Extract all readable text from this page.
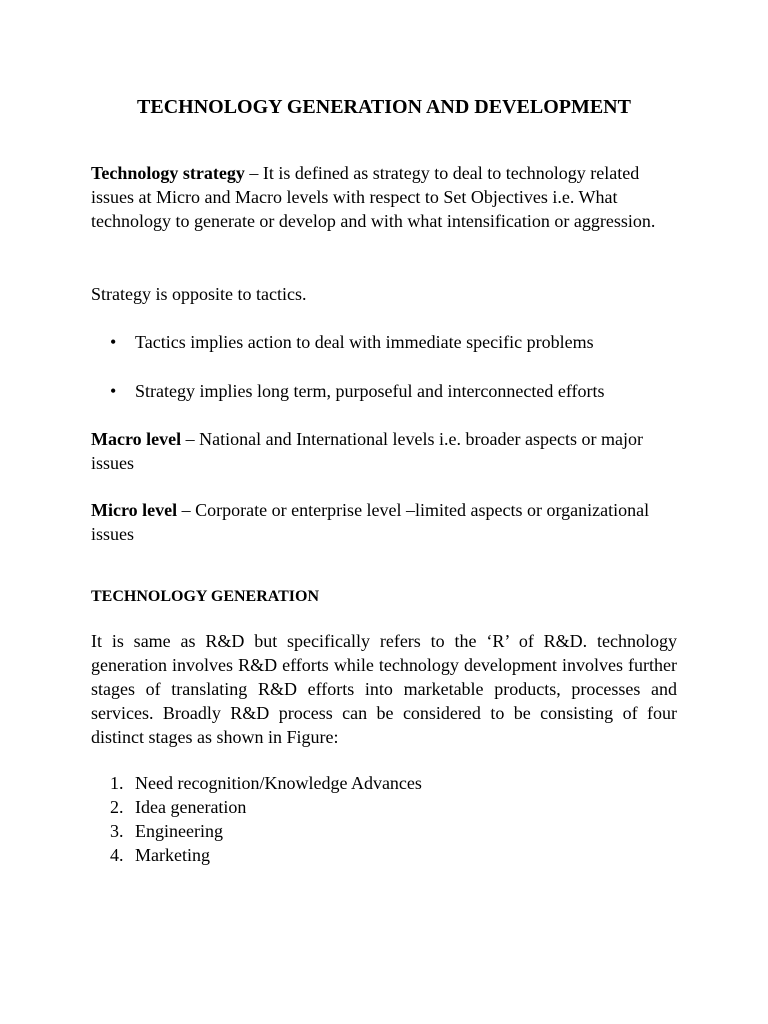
TECHNOLOGY GENERATION AND DEVELOPMENT

Technology strategy – It is defined as strategy to deal to technology related issues at Micro and Macro levels with respect to Set Objectives i.e. What technology to generate or develop and with what intensification or aggression.

Strategy is opposite to tactics.

•	Tactics implies action to deal with immediate specific problems
•	Strategy implies long term, purposeful and interconnected efforts

Macro level – National and International levels i.e. broader aspects or major issues

Micro level – Corporate or enterprise level –limited aspects or organizational issues

TECHNOLOGY GENERATION

It is same as R&D but specifically refers to the ‘R’ of R&D. technology generation involves R&D efforts while technology development involves further stages of translating R&D efforts into marketable products, processes and services. Broadly R&D process can be considered to be consisting of four distinct stages as shown in Figure:

1. Need recognition/Knowledge Advances
2. Idea generation
3. Engineering
4. Marketing
